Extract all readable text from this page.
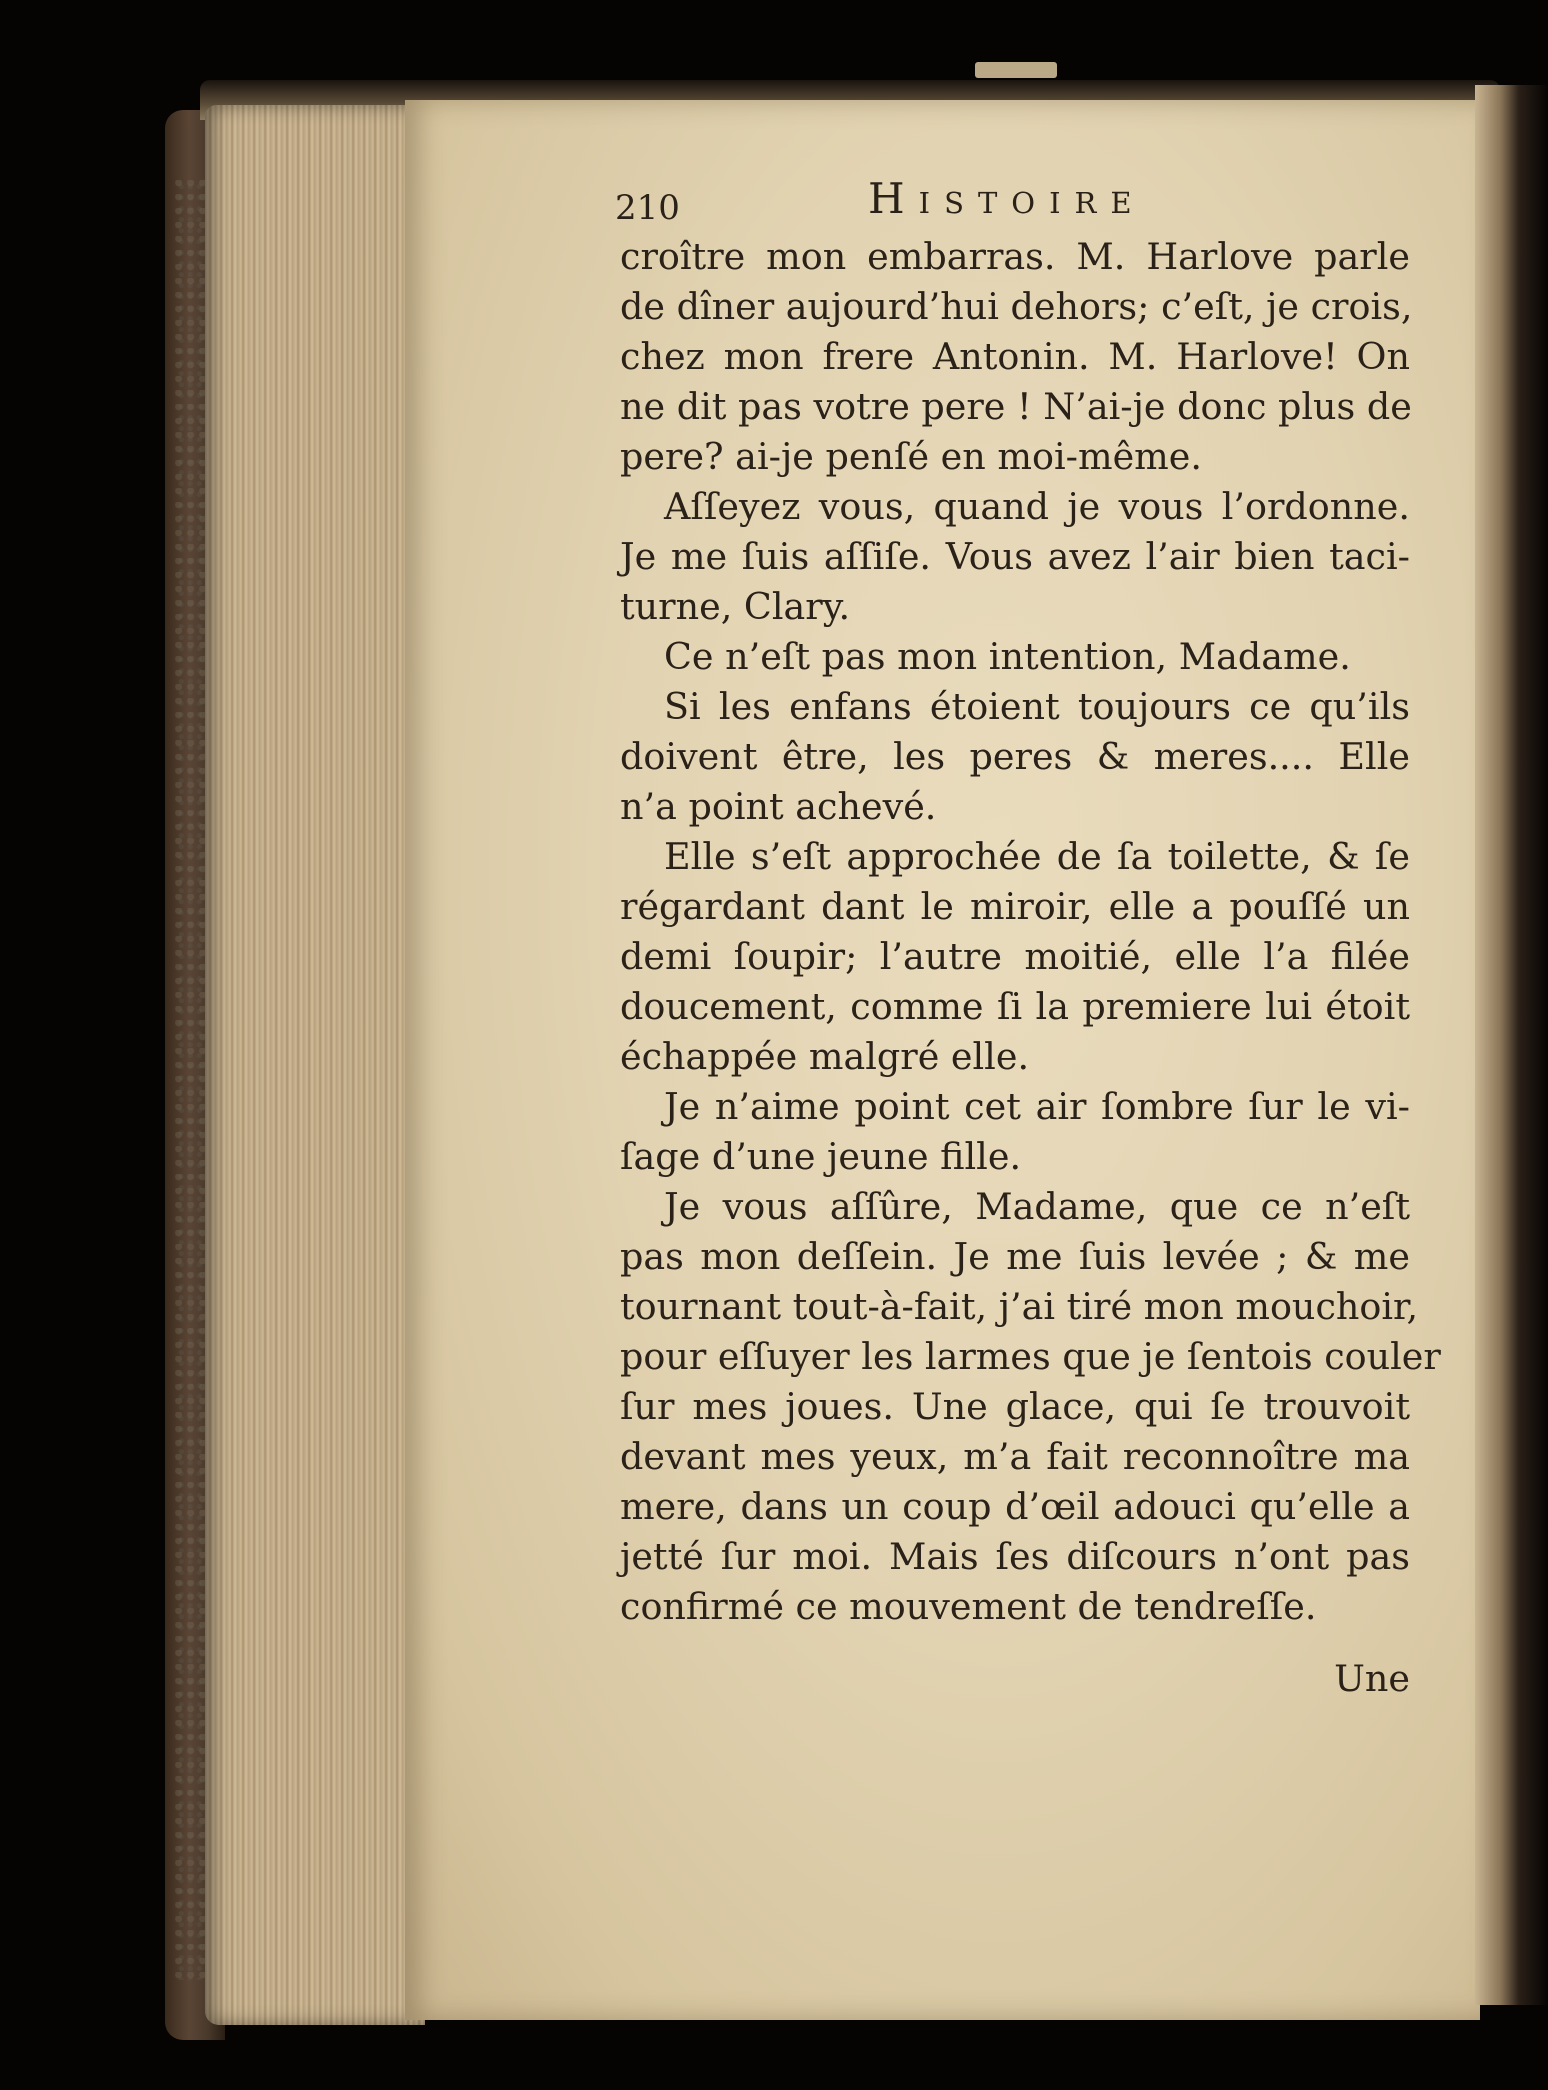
210	Histoire
croître mon embarras. M. Harlove parle
de dîner aujourd’hui dehors; c’eſt, je crois,
chez mon frere Antonin. M. Harlove! On
ne dit pas votre pere ! N’ai-je donc plus de
pere? ai-je penſé en moi-même.
Aſſeyez vous, quand je vous l’ordonne.
Je me ſuis aſſiſe. Vous avez l’air bien taci-
turne, Clary.
Ce n’eſt pas mon intention, Madame.
Si les enfans étoient toujours ce qu’ils
doivent être, les peres & meres.... Elle
n’a point achevé.
Elle s’eſt approchée de ſa toilette, & ſe
régardant dant le miroir, elle a pouſſé un
demi ſoupir; l’autre moitié, elle l’a filée
doucement, comme ſi la premiere lui étoit
échappée malgré elle.
Je n’aime point cet air ſombre ſur le vi-
ſage d’une jeune fille.
Je vous aſſûre, Madame, que ce n’eſt
pas mon deſſein. Je me ſuis levée ; & me
tournant tout-à-fait, j’ai tiré mon mouchoir,
pour eſſuyer les larmes que je ſentois couler
ſur mes joues. Une glace, qui ſe trouvoit
devant mes yeux, m’a fait reconnoître ma
mere, dans un coup d’œil adouci qu’elle a
jetté ſur moi. Mais ſes diſcours n’ont pas
confirmé ce mouvement de tendreſſe.
Une
